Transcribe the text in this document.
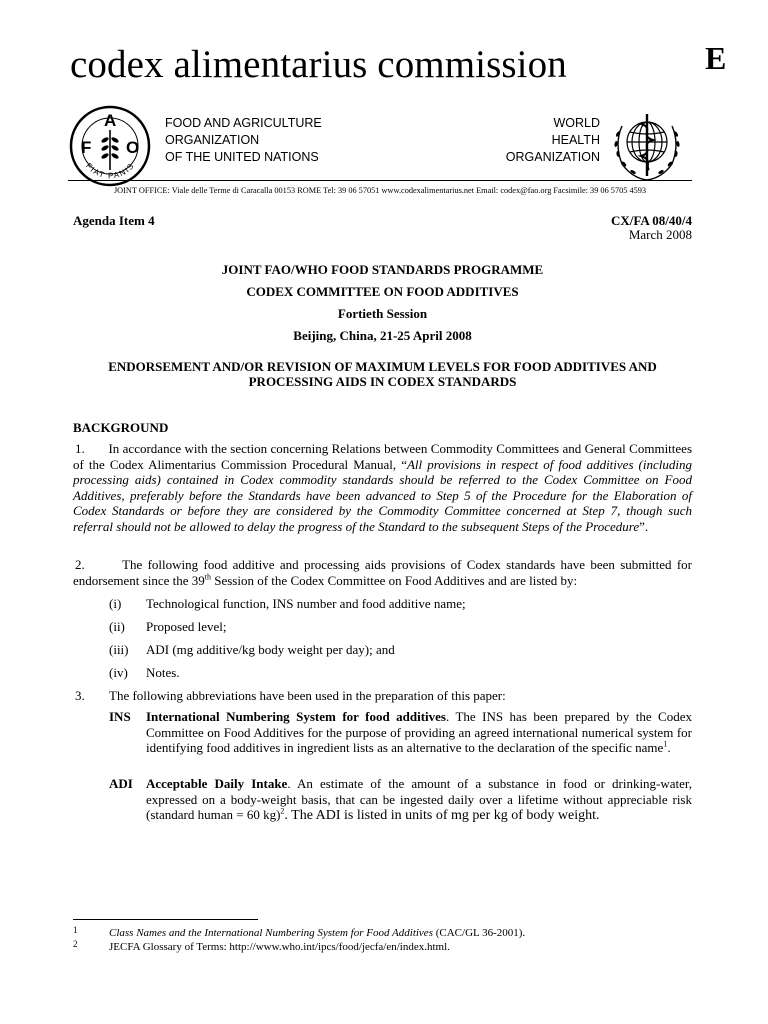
codex alimentarius commission	E
F
A
O
FIAT PANIS
FOOD AND AGRICULTURE
ORGANIZATION
OF THE UNITED NATIONS
WORLD
HEALTH
ORGANIZATION
JOINT OFFICE: Viale delle Terme di Caracalla 00153 ROME Tel: 39 06 57051 www.codexalimentarius.net Email: codex@fao.org Facsimile: 39 06 5705 4593
Agenda Item 4	CX/FA 08/40/4
March 2008
JOINT FAO/WHO FOOD STANDARDS PROGRAMME
CODEX COMMITTEE ON FOOD ADDITIVES
Fortieth Session
Beijing, China, 21-25 April 2008
ENDORSEMENT AND/OR REVISION OF MAXIMUM LEVELS FOR FOOD ADDITIVES AND
PROCESSING AIDS IN CODEX STANDARDS
BACKGROUND
1. In accordance with the section concerning Relations between Commodity Committees and General Committees of the Codex Alimentarius Commission Procedural Manual, “All provisions in respect of food additives (including processing aids) contained in Codex commodity standards should be referred to the Codex Committee on Food Additives, preferably before the Standards have been advanced to Step 5 of the Procedure for the Elaboration of Codex Standards or before they are considered by the Commodity Committee concerned at Step 7, though such referral should not be allowed to delay the progress of the Standard to the subsequent Steps of the Procedure”.
2.	The following food additive and processing aids provisions of Codex standards have been submitted for endorsement since the 39th Session of the Codex Committee on Food Additives and are listed by:
(i) Technological function, INS number and food additive name;
(ii) Proposed level;
(iii) ADI (mg additive/kg body weight per day); and
(iv) Notes.
3. The following abbreviations have been used in the preparation of this paper:
INS International Numbering System for food additives. The INS has been prepared by the Codex Committee on Food Additives for the purpose of providing an agreed international numerical system for identifying food additives in ingredient lists as an alternative to the declaration of the specific name$^1$.
ADI Acceptable Daily Intake. An estimate of the amount of a substance in food or drinking-water, expressed on a body-weight basis, that can be ingested daily over a lifetime without appreciable risk (standard human = 60 kg)$^2$. The ADI is listed in units of mg per kg of body weight.
1	Class Names and the International Numbering System for Food Additives (CAC/GL 36-2001).
2	JECFA Glossary of Terms: http://www.who.int/ipcs/food/jecfa/en/index.html.
